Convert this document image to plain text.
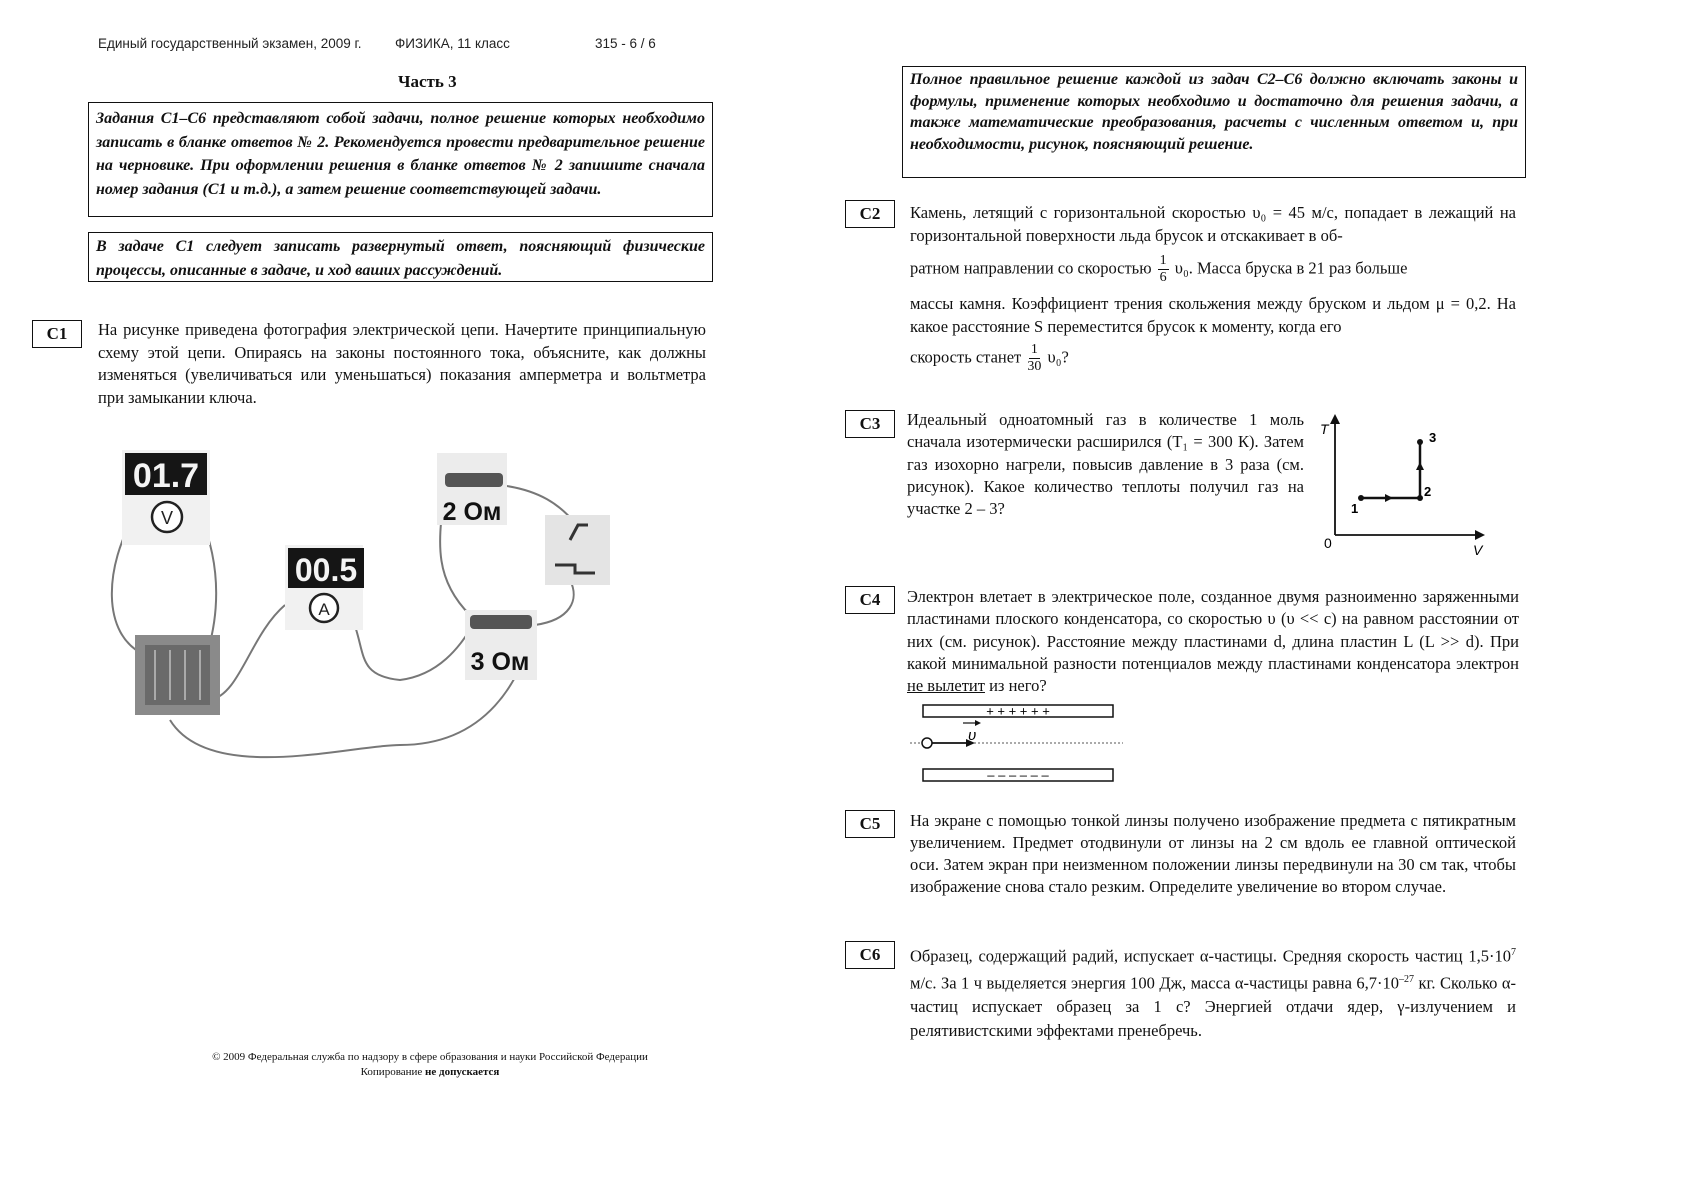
Единый государственный экзамен, 2009 г. ФИЗИКА, 11 класс	315 - 6 / 6
Часть 3
Задания С1–С6 представляют собой задачи, полное решение которых необходимо записать в бланке ответов № 2. Рекомендуется провести предварительное решение на черновике. При оформлении решения в бланке ответов № 2 запишите сначала номер задания (С1 и т.д.), а затем решение соответствующей задачи.
В задаче С1 следует записать развернутый ответ, поясняющий физические процессы, описанные в задаче, и ход ваших рассуждений.
С1	На рисунке приведена фотография электрической цепи. Начертите принципиальную схему этой цепи. Опираясь на законы постоянного тока, объясните, как должны изменяться (увеличиваться или уменьшаться) показания амперметра и вольтметра при замыкании ключа.
01.7
V
00.5
A
2 Ом
3 Ом
© 2009 Федеральная служба по надзору в сфере образования и науки Российской Федерации
Копирование не допускается
Полное правильное решение каждой из задач С2–С6 должно включать законы и формулы, применение которых необходимо и достаточно для решения задачи, а также математические преобразования, расчеты с численным ответом и, при необходимости, рисунок, поясняющий решение.
С2	Камень, летящий с горизонтальной скоростью υ₀ = 45 м/с, попадает в лежащий на горизонтальной поверхности льда брусок и отскакивает в об-
ратном направлении со скоростью $\frac{1}{6} \upsilon_0$. Масса бруска в 21 раз больше
массы камня. Коэффициент трения скольжения между бруском и льдом μ = 0,2. На какое расстояние S переместится брусок к моменту, когда его
скорость станет $\frac{1}{30} \upsilon_0$?
С3	Идеальный одноатомный газ в количестве 1 моль сначала изотермически расширился (T₁ = 300 К). Затем газ изохорно нагрели, повысив давление в 3 раза (см. рисунок). Какое количество теплоты получил газ на участке 2 – 3?
T
V
0
1
2
3
С4	Электрон влетает в электрическое поле, созданное двумя разноименно заряженными пластинами плоского конденсатора, со скоростью υ (υ << c) на равном расстоянии от них (см. рисунок). Расстояние между пластинами d, длина пластин L (L >> d). При какой минимальной разности потенциалов между пластинами конденсатора электрон не вылетит из него?
+ + + + + +
– – – – – –
υ
С5	На экране с помощью тонкой линзы получено изображение предмета с пятикратным увеличением. Предмет отодвинули от линзы на 2 см вдоль ее главной оптической оси. Затем экран при неизменном положении линзы передвинули на 30 см так, чтобы изображение снова стало резким. Определите увеличение во втором случае.
С6	Образец, содержащий радий, испускает α-частицы. Средняя скорость частиц $1,5\cdot 10^7$ м/с. За 1 ч выделяется энергия 100 Дж, масса α-частицы равна $6,7\cdot 10^{-27}$ кг. Сколько α-частиц испускает образец за 1 с? Энергией отдачи ядер, γ-излучением и релятивистскими эффектами пренебречь.
